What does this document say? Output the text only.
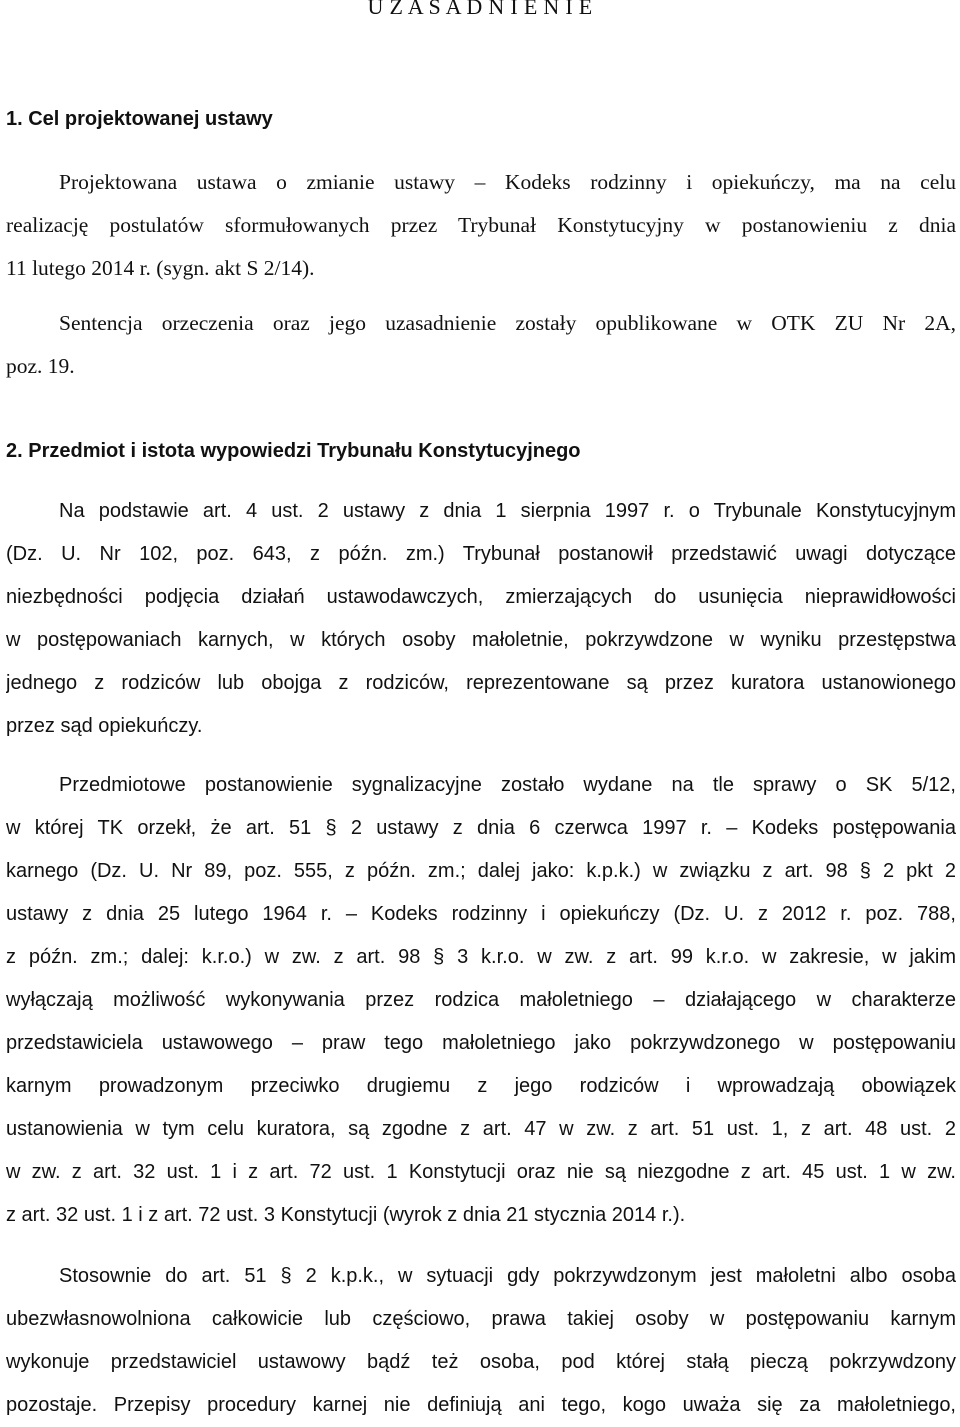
U Z A S A D N I E N I E
1. Cel projektowanej ustawy
Projektowana ustawa o zmianie ustawy – Kodeks rodzinny i opiekuńczy, ma na celu
realizację postulatów sformułowanych przez Trybunał Konstytucyjny w postanowieniu z dnia
11 lutego 2014 r. (sygn. akt S 2/14).
Sentencja orzeczenia oraz jego uzasadnienie zostały opublikowane w OTK ZU Nr 2A,
poz. 19.
2. Przedmiot i istota wypowiedzi Trybunału Konstytucyjnego
Na podstawie art. 4 ust. 2 ustawy z dnia 1 sierpnia 1997 r. o Trybunale Konstytucyjnym
(Dz. U. Nr 102, poz. 643, z późn. zm.) Trybunał postanowił przedstawić uwagi dotyczące
niezbędności podjęcia działań ustawodawczych, zmierzających do usunięcia nieprawidłowości
w postępowaniach karnych, w których osoby małoletnie, pokrzywdzone w wyniku przestępstwa
jednego z rodziców lub obojga z rodziców, reprezentowane są przez kuratora ustanowionego
przez sąd opiekuńczy.
Przedmiotowe postanowienie sygnalizacyjne zostało wydane na tle sprawy o SK 5/12,
w której TK orzekł, że art. 51 § 2 ustawy z dnia 6 czerwca 1997 r. – Kodeks postępowania
karnego (Dz. U. Nr 89, poz. 555, z późn. zm.; dalej jako: k.p.k.) w związku z art. 98 § 2 pkt 2
ustawy z dnia 25 lutego 1964 r. – Kodeks rodzinny i opiekuńczy (Dz. U. z 2012 r. poz. 788,
z późn. zm.; dalej: k.r.o.) w zw. z art. 98 § 3 k.r.o. w zw. z art. 99 k.r.o. w zakresie, w jakim
wyłączają możliwość wykonywania przez rodzica małoletniego – działającego w charakterze
przedstawiciela ustawowego – praw tego małoletniego jako pokrzywdzonego w postępowaniu
karnym prowadzonym przeciwko drugiemu z jego rodziców i wprowadzają obowiązek
ustanowienia w tym celu kuratora, są zgodne z art. 47 w zw. z art. 51 ust. 1, z art. 48 ust. 2
w zw. z art. 32 ust. 1 i z art. 72 ust. 1 Konstytucji oraz nie są niezgodne z art. 45 ust. 1 w zw.
z art. 32 ust. 1 i z art. 72 ust. 3 Konstytucji (wyrok z dnia 21 stycznia 2014 r.).
Stosownie do art. 51 § 2 k.p.k., w sytuacji gdy pokrzywdzonym jest małoletni albo osoba
ubezwłasnowolniona całkowicie lub częściowo, prawa takiej osoby w postępowaniu karnym
wykonuje przedstawiciel ustawowy bądź też osoba, pod której stałą pieczą pokrzywdzony
pozostaje. Przepisy procedury karnej nie definiują ani tego, kogo uważa się za małoletniego,
